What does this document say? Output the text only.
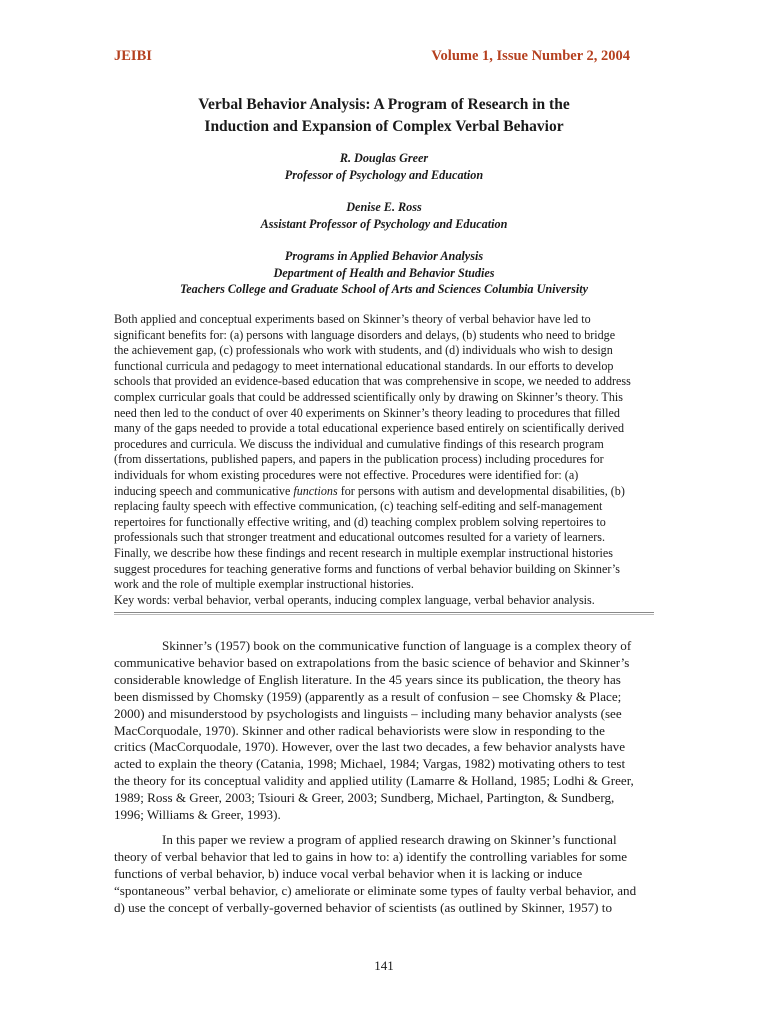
JEIBI	Volume 1, Issue Number 2, 2004
Verbal Behavior Analysis: A Program of Research in the
Induction and Expansion of Complex Verbal Behavior
R. Douglas Greer
Professor of Psychology and Education
Denise E. Ross
Assistant Professor of Psychology and Education
Programs in Applied Behavior Analysis
Department of Health and Behavior Studies
Teachers College and Graduate School of Arts and Sciences Columbia University
Both applied and conceptual experiments based on Skinner’s theory of verbal behavior have led to
significant benefits for: (a) persons with language disorders and delays, (b) students who need to bridge
the achievement gap, (c) professionals who work with students, and (d) individuals who wish to design
functional curricula and pedagogy to meet international educational standards. In our efforts to develop
schools that provided an evidence-based education that was comprehensive in scope, we needed to address
complex curricular goals that could be addressed scientifically only by drawing on Skinner’s theory. This
need then led to the conduct of over 40 experiments on Skinner’s theory leading to procedures that filled
many of the gaps needed to provide a total educational experience based entirely on scientifically derived
procedures and curricula. We discuss the individual and cumulative findings of this research program
(from dissertations, published papers, and papers in the publication process) including procedures for
individuals for whom existing procedures were not effective. Procedures were identified for: (a)
inducing speech and communicative functions for persons with autism and developmental disabilities, (b)
replacing faulty speech with effective communication, (c) teaching self-editing and self-management
repertoires for functionally effective writing, and (d) teaching complex problem solving repertoires to
professionals such that stronger treatment and educational outcomes resulted for a variety of learners.
Finally, we describe how these findings and recent research in multiple exemplar instructional histories
suggest procedures for teaching generative forms and functions of verbal behavior building on Skinner’s
work and the role of multiple exemplar instructional histories.
Key words: verbal behavior, verbal operants, inducing complex language, verbal behavior analysis.
Skinner’s (1957) book on the communicative function of language is a complex theory of
communicative behavior based on extrapolations from the basic science of behavior and Skinner’s
considerable knowledge of English literature. In the 45 years since its publication, the theory has
been dismissed by Chomsky (1959) (apparently as a result of confusion – see Chomsky & Place;
2000) and misunderstood by psychologists and linguists – including many behavior analysts (see
MacCorquodale, 1970). Skinner and other radical behaviorists were slow in responding to the
critics (MacCorquodale, 1970). However, over the last two decades, a few behavior analysts have
acted to explain the theory (Catania, 1998; Michael, 1984; Vargas, 1982) motivating others to test
the theory for its conceptual validity and applied utility (Lamarre & Holland, 1985; Lodhi & Greer,
1989; Ross & Greer, 2003; Tsiouri & Greer, 2003; Sundberg, Michael, Partington, & Sundberg,
1996; Williams & Greer, 1993).
In this paper we review a program of applied research drawing on Skinner’s functional
theory of verbal behavior that led to gains in how to: a) identify the controlling variables for some
functions of verbal behavior, b) induce vocal verbal behavior when it is lacking or induce
“spontaneous” verbal behavior, c) ameliorate or eliminate some types of faulty verbal behavior, and
d) use the concept of verbally-governed behavior of scientists (as outlined by Skinner, 1957) to
141
